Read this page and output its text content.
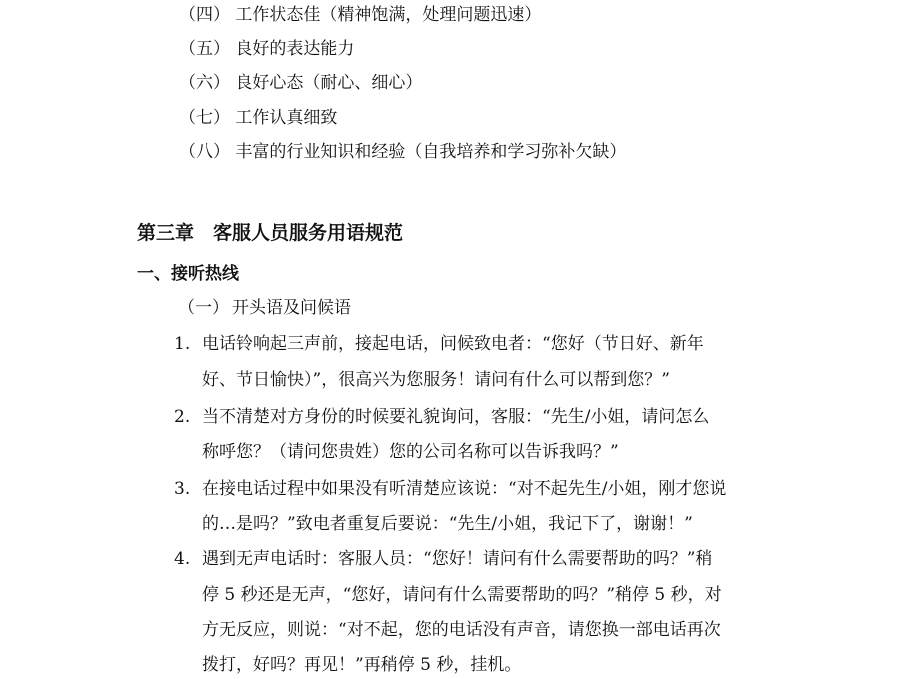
（四） 工作状态佳（精神饱满，处理问题迅速）
（五） 良好的表达能力
（六） 良好心态（耐心、细心）
（七） 工作认真细致
（八） 丰富的行业知识和经验（自我培养和学习弥补欠缺）
第三章　客服人员服务用语规范
一、接听热线
（一） 开头语及问候语
1. 电话铃响起三声前，接起电话，问候致电者：“您好（节日好、新年
好、节日愉快）”，很高兴为您服务！请问有什么可以帮到您？”
2. 当不清楚对方身份的时候要礼貌询问，客服：“先生/小姐，请问怎么
称呼您？（请问您贵姓）您的公司名称可以告诉我吗？”
3. 在接电话过程中如果没有听清楚应该说：“对不起先生/小姐，刚才您说
的…是吗？”致电者重复后要说：“先生/小姐，我记下了，谢谢！”
4. 遇到无声电话时：客服人员：“您好！请问有什么需要帮助的吗？”稍
停 5 秒还是无声，“您好，请问有什么需要帮助的吗？”稍停 5 秒，对
方无反应，则说：“对不起，您的电话没有声音，请您换一部电话再次
拨打，好吗？再见！”再稍停 5 秒，挂机。
